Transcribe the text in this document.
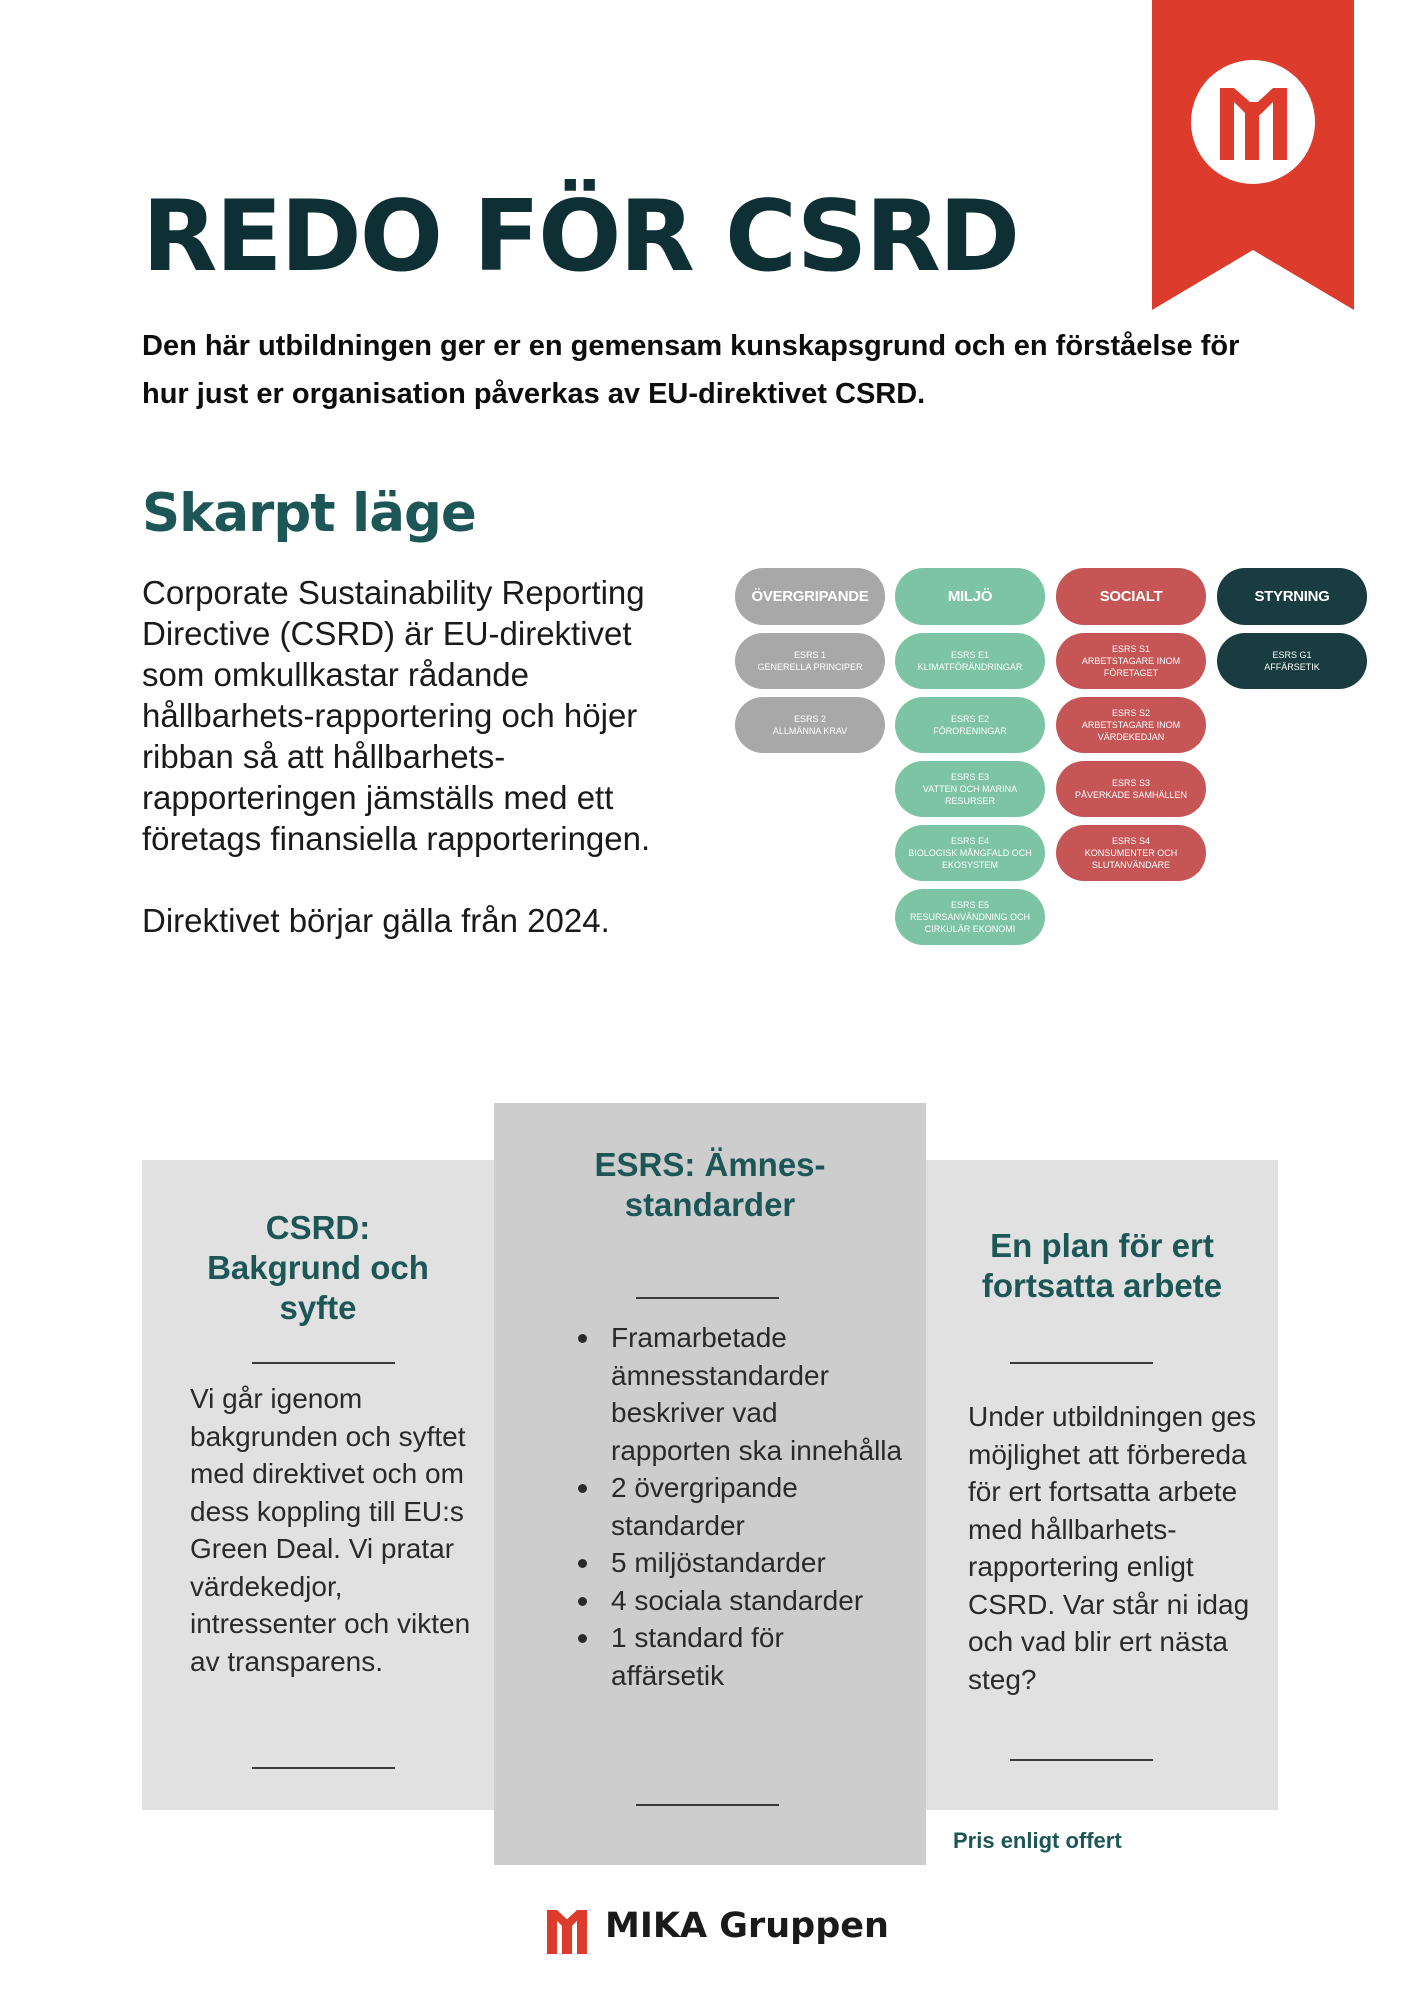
REDO FÖR CSRD

Den här utbildningen ger er en gemensam kunskapsgrund och en förståelse för hur just er organisation påverkas av EU-direktivet CSRD.

Skarpt läge

Corporate Sustainability Reporting Directive (CSRD) är EU-direktivet som omkullkastar rådande hållbarhets-rapportering och höjer ribban så att hållbarhets-rapporteringen jämställs med ett företags finansiella rapporteringen.

Direktivet börjar gälla från 2024.

ÖVERGRIPANDE
ESRS 1
GENERELLA PRINCIPER
ESRS 2
ALLMÄNNA KRAV
MILJÖ
ESRS E1
KLIMATFÖRÄNDRINGAR
ESRS E2
FÖRORENINGAR
ESRS E3
VATTEN OCH MARINA RESURSER
ESRS E4
BIOLOGISK MÅNGFALD OCH EKOSYSTEM
ESRS E5
RESURSANVÄNDNING OCH CIRKULÄR EKONOMI
SOCIALT
ESRS S1
ARBETSTAGARE INOM FÖRETAGET
ESRS S2
ARBETSTAGARE INOM VÄRDEKEDJAN
ESRS S3
PÅVERKADE SAMHÄLLEN
ESRS S4
KONSUMENTER OCH SLUTANVÄNDARE
STYRNING
ESRS G1
AFFÄRSETIK
CSRD: Bakgrund och syfte
Vi går igenom bakgrunden och syftet med direktivet och om dess koppling till EU:s Green Deal. Vi pratar värdekedjor, intressenter och vikten av transparens.
ESRS: Ämnes-standarder
Framarbetade ämnesstandarder beskriver vad rapporten ska innehålla
2 övergripande standarder
5 miljöstandarder
4 sociala standarder
1 standard för affärsetik
En plan för ert fortsatta arbete
Under utbildningen ges möjlighet att förbereda för ert fortsatta arbete med hållbarhets-rapportering enligt CSRD. Var står ni idag och vad blir ert nästa steg?

Pris enligt offert

MIKA Gruppen
